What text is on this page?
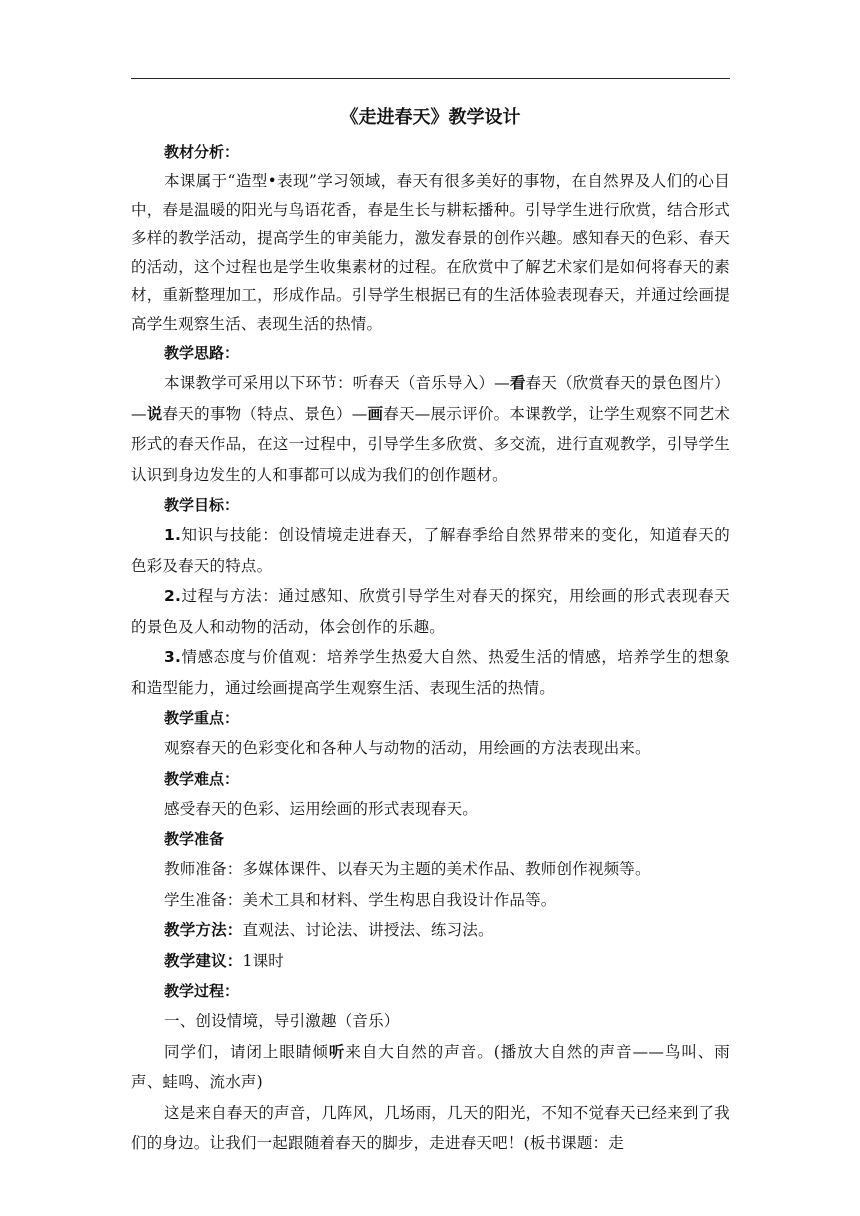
《走进春天》教学设计
教材分析：

本课属于“造型•表现”学习领域，春天有很多美好的事物，在自然界及人们的心目中，春是温暖的阳光与鸟语花香，春是生长与耕耘播种。引导学生进行欣赏，结合形式多样的教学活动，提高学生的审美能力，激发春景的创作兴趣。感知春天的色彩、春天的活动，这个过程也是学生收集素材的过程。在欣赏中了解艺术家们是如何将春天的素材，重新整理加工，形成作品。引导学生根据已有的生活体验表现春天，并通过绘画提高学生观察生活、表现生活的热情。

教学思路：

本课教学可采用以下环节：听春天（音乐导入）—看春天（欣赏春天的景色图片）—说春天的事物（特点、景色）—画春天—展示评价。本课教学，让学生观察不同艺术形式的春天作品，在这一过程中，引导学生多欣赏、多交流，进行直观教学，引导学生认识到身边发生的人和事都可以成为我们的创作题材。

教学目标：

1.知识与技能：创设情境走进春天，了解春季给自然界带来的变化，知道春天的色彩及春天的特点。

2.过程与方法：通过感知、欣赏引导学生对春天的探究，用绘画的形式表现春天的景色及人和动物的活动，体会创作的乐趣。

3.情感态度与价值观：培养学生热爱大自然、热爱生活的情感，培养学生的想象和造型能力，通过绘画提高学生观察生活、表现生活的热情。

教学重点：

观察春天的色彩变化和各种人与动物的活动，用绘画的方法表现出来。

教学难点：

感受春天的色彩、运用绘画的形式表现春天。

教学准备

教师准备：多媒体课件、以春天为主题的美术作品、教师创作视频等。

学生准备：美术工具和材料、学生构思自我设计作品等。

教学方法：直观法、讨论法、讲授法、练习法。

教学建议：1课时

教学过程：

一、创设情境，导引激趣（音乐）

同学们，请闭上眼睛倾听来自大自然的声音。(播放大自然的声音——鸟叫、雨声、蛙鸣、流水声)

这是来自春天的声音，几阵风，几场雨，几天的阳光，不知不觉春天已经来到了我们的身边。让我们一起跟随着春天的脚步，走进春天吧！(板书课题：走
